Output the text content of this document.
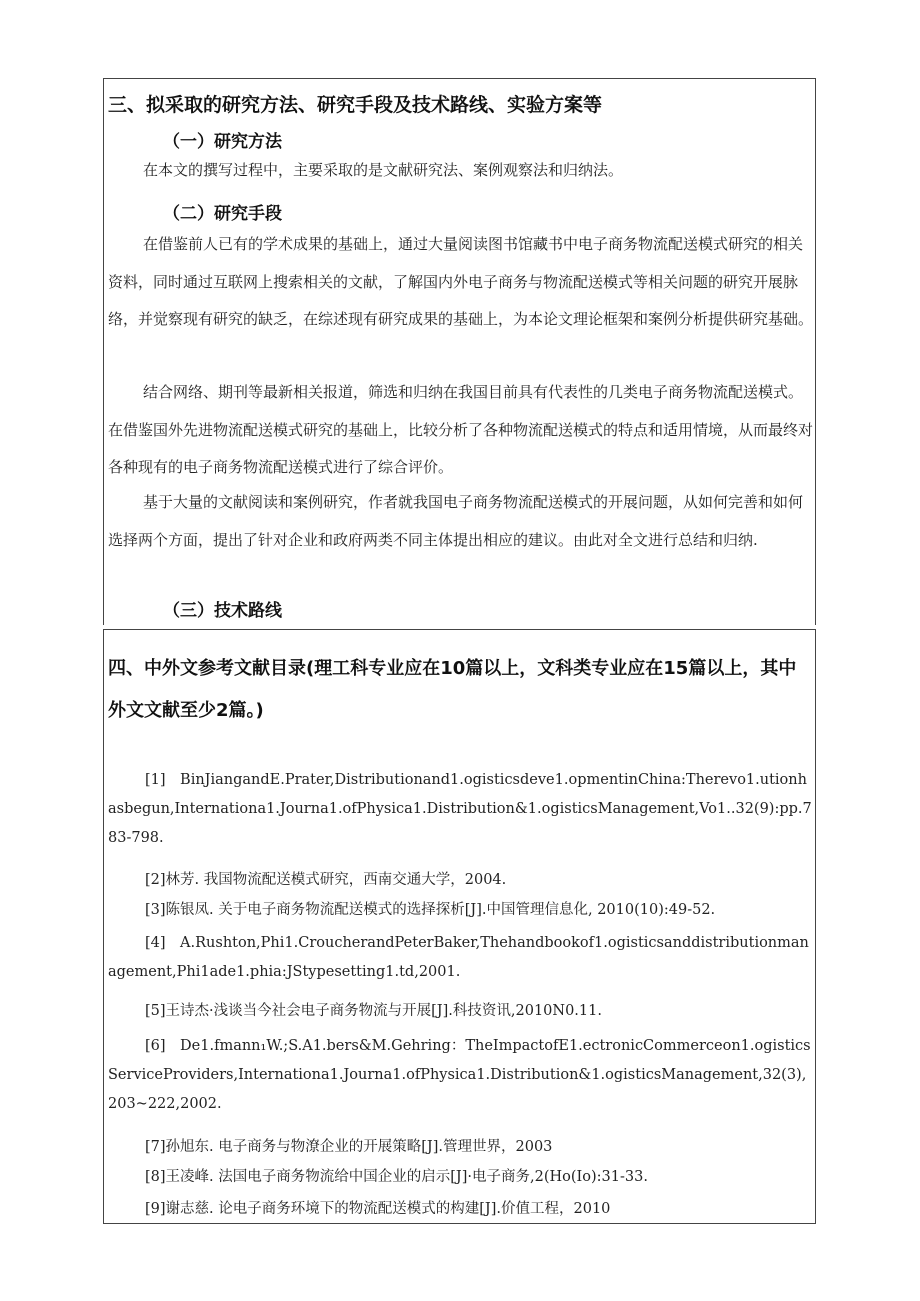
三、拟采取的研究方法、研究手段及技术路线、实验方案等
（一）研究方法
在本文的撰写过程中，主要采取的是文献研究法、案例观察法和归纳法。
（二）研究手段
在借鉴前人已有的学术成果的基础上，通过大量阅读图书馆藏书中电子商务物流配送模式研究的相关资料，同时通过互联网上搜索相关的文献，了解国内外电子商务与物流配送模式等相关问题的研究开展脉络，并觉察现有研究的缺乏，在综述现有研究成果的基础上，为本论文理论框架和案例分析提供研究基础。
结合网络、期刊等最新相关报道，筛选和归纳在我国目前具有代表性的几类电子商务物流配送模式。在借鉴国外先进物流配送模式研究的基础上，比较分析了各种物流配送模式的特点和适用情境，从而最终对各种现有的电子商务物流配送模式进行了综合评价。
基于大量的文献阅读和案例研究，作者就我国电子商务物流配送模式的开展问题，从如何完善和如何选择两个方面，提出了针对企业和政府两类不同主体提出相应的建议。由此对全文进行总结和归纳.
（三）技术路线
四、中外文参考文献目录(理工科专业应在10篇以上，文科类专业应在15篇以上，其中外文文献至少2篇。)
[1]　BinJiangandE.Prater,Distributionand1.ogisticsdeve1.opmentinChina:Therevo1.utionhasbegun,Internationa1.Journa1.ofPhysica1.Distribution&1.ogisticsManagement,Vo1..32(9):pp.783-798.
[2]林芳. 我国物流配送模式研究，西南交通大学，2004.
[3]陈银凤. 关于电子商务物流配送模式的选择探析[J].中国管理信息化, 2010(10):49-52.
[4]　A.Rushton,Phi1.CroucherandPeterBaker,Thehandbookof1.ogisticsanddistributionmanagement,Phi1ade1.phia:JStypesetting1.td,2001.
[5]王诗杰·浅谈当今社会电子商务物流与开展[J].科技资讯,2010N0.11.
[6]　De1.fmann₁W.;S.A1.bers&M.Gehring：TheImpactofE1.ectronicCommerceon1.ogisticsServiceProviders,Internationa1.Journa1.ofPhysica1.Distribution&1.ogisticsManagement,32(3),203~222,2002.
[7]孙旭东. 电子商务与物潦企业的开展策略[J].管理世界，2003
[8]王凌峰. 法国电子商务物流给中国企业的启示[J]·电子商务,2(Ho(Io):31-33.
[9]谢志慈. 论电子商务环境下的物流配送模式的构建[J].价值工程，2010
